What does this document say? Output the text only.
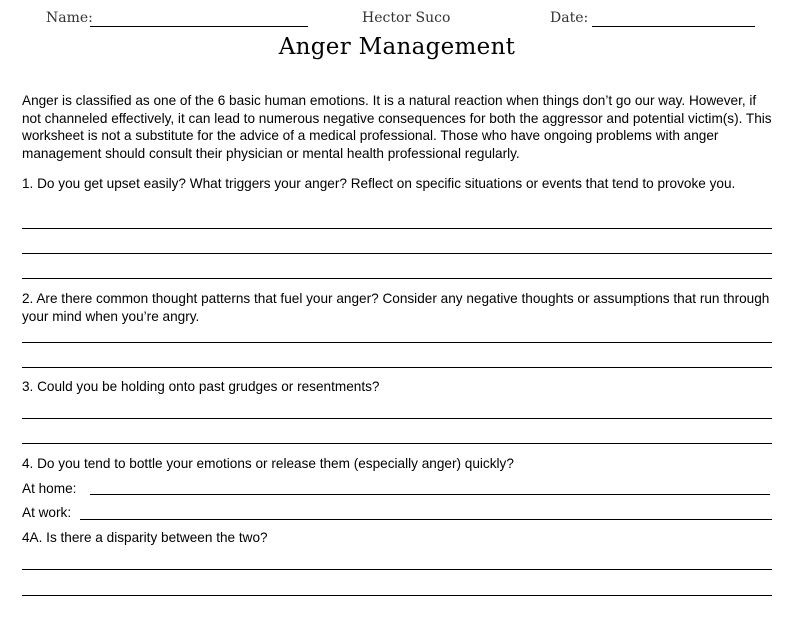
Name:	Hector Suco	Date:
Anger Management
Anger is classified as one of the 6 basic human emotions. It is a natural reaction when things don’t go our way. However, if not channeled effectively, it can lead to numerous negative consequences for both the aggressor and potential victim(s). This worksheet is not a substitute for the advice of a medical professional. Those who have ongoing problems with anger management should consult their physician or mental health professional regularly.
1. Do you get upset easily? What triggers your anger? Reflect on specific situations or events that tend to provoke you.
2. Are there common thought patterns that fuel your anger? Consider any negative thoughts or assumptions that run through your mind when you’re angry.
3. Could you be holding onto past grudges or resentments?
4. Do you tend to bottle your emotions or release them (especially anger) quickly?
At home:
At work:
4A. Is there a disparity between the two?
